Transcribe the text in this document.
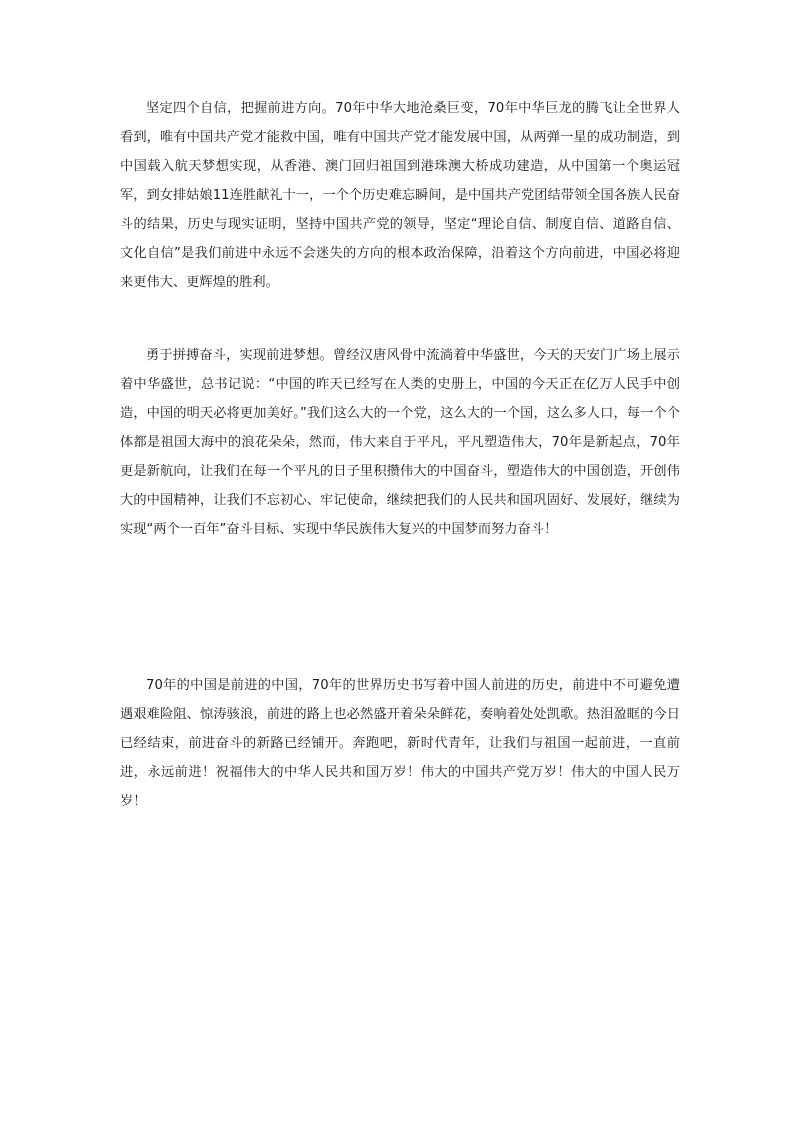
坚定四个自信，把握前进方向。70年中华大地沧桑巨变，70年中华巨龙的腾飞让全世界人看到，唯有中国共产党才能救中国，唯有中国共产党才能发展中国，从两弹一星的成功制造，到中国载入航天梦想实现，从香港、澳门回归祖国到港珠澳大桥成功建造，从中国第一个奥运冠军，到女排姑娘11连胜献礼十一，一个个历史难忘瞬间，是中国共产党团结带领全国各族人民奋斗的结果，历史与现实证明，坚持中国共产党的领导，坚定“理论自信、制度自信、道路自信、文化自信”是我们前进中永远不会迷失的方向的根本政治保障，沿着这个方向前进，中国必将迎来更伟大、更辉煌的胜利。

勇于拼搏奋斗，实现前进梦想。曾经汉唐风骨中流淌着中华盛世，今天的天安门广场上展示着中华盛世，总书记说：“中国的昨天已经写在人类的史册上，中国的今天正在亿万人民手中创造，中国的明天必将更加美好。”我们这么大的一个党，这么大的一个国，这么多人口，每一个个体都是祖国大海中的浪花朵朵，然而，伟大来自于平凡，平凡塑造伟大，70年是新起点，70年更是新航向，让我们在每一个平凡的日子里积攒伟大的中国奋斗，塑造伟大的中国创造，开创伟大的中国精神，让我们不忘初心、牢记使命，继续把我们的人民共和国巩固好、发展好，继续为实现“两个一百年”奋斗目标、实现中华民族伟大复兴的中国梦而努力奋斗！

70年的中国是前进的中国，70年的世界历史书写着中国人前进的历史，前进中不可避免遭遇艰难险阻、惊涛骇浪，前进的路上也必然盛开着朵朵鲜花，奏响着处处凯歌。热泪盈眶的今日已经结束，前进奋斗的新路已经铺开。奔跑吧，新时代青年，让我们与祖国一起前进，一直前进，永远前进！祝福伟大的中华人民共和国万岁！伟大的中国共产党万岁！伟大的中国人民万岁！
